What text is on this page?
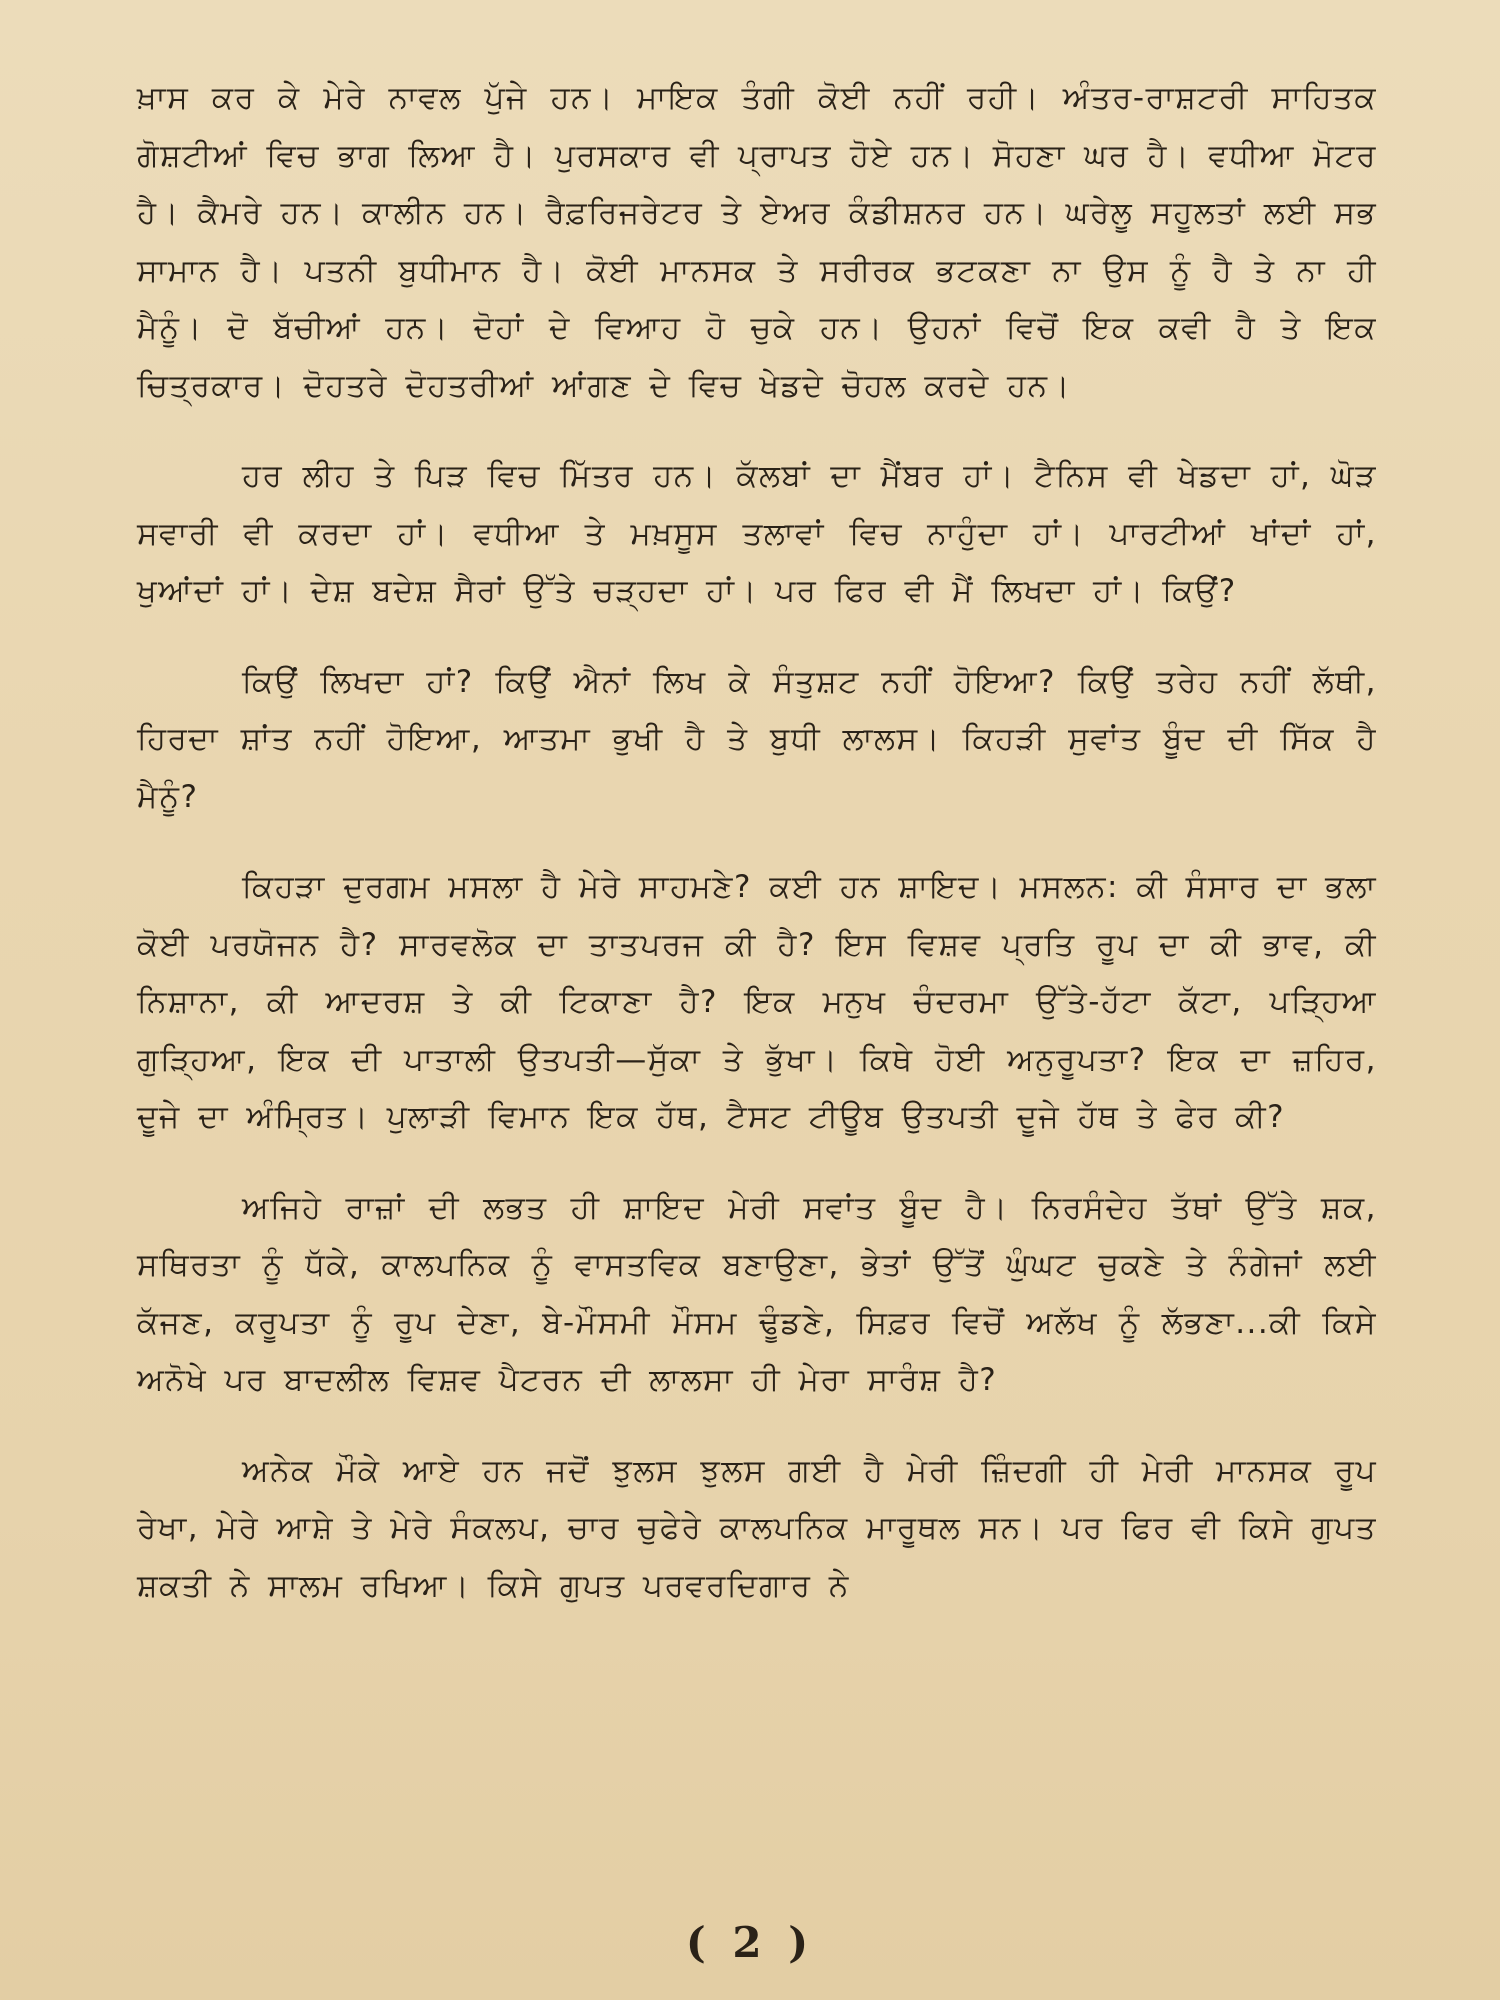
ਖ਼ਾਸ ਕਰ ਕੇ ਮੇਰੇ ਨਾਵਲ ਪੁੱਜੇ ਹਨ। ਮਾਇਕ ਤੰਗੀ ਕੋਈ ਨਹੀਂ ਰਹੀ। ਅੰਤਰ-ਰਾਸ਼ਟਰੀ ਸਾਹਿਤਕ ਗੋਸ਼ਟੀਆਂ ਵਿਚ ਭਾਗ ਲਿਆ ਹੈ। ਪੁਰਸਕਾਰ ਵੀ ਪ੍ਰਾਪਤ ਹੋਏ ਹਨ। ਸੋਹਣਾ ਘਰ ਹੈ। ਵਧੀਆ ਮੋਟਰ ਹੈ। ਕੈਮਰੇ ਹਨ। ਕਾਲੀਨ ਹਨ। ਰੈਫ਼ਰਿਜਰੇਟਰ ਤੇ ਏਅਰ ਕੰਡੀਸ਼ਨਰ ਹਨ। ਘਰੇਲੂ ਸਹੂਲਤਾਂ ਲਈ ਸਭ ਸਾਮਾਨ ਹੈ। ਪਤਨੀ ਬੁਧੀਮਾਨ ਹੈ। ਕੋਈ ਮਾਨਸਕ ਤੇ ਸਰੀਰਕ ਭਟਕਣਾ ਨਾ ਉਸ ਨੂੰ ਹੈ ਤੇ ਨਾ ਹੀ ਮੈਨੂੰ। ਦੋ ਬੱਚੀਆਂ ਹਨ। ਦੋਹਾਂ ਦੇ ਵਿਆਹ ਹੋ ਚੁਕੇ ਹਨ। ਉਹਨਾਂ ਵਿਚੋਂ ਇਕ ਕਵੀ ਹੈ ਤੇ ਇਕ ਚਿਤ੍ਰਕਾਰ। ਦੋਹਤਰੇ ਦੋਹਤਰੀਆਂ ਆਂਗਣ ਦੇ ਵਿਚ ਖੇਡਦੇ ਚੋਹਲ ਕਰਦੇ ਹਨ।

ਹਰ ਲੀਹ ਤੇ ਪਿੜ ਵਿਚ ਮਿੱਤਰ ਹਨ। ਕੱਲਬਾਂ ਦਾ ਮੈਂਬਰ ਹਾਂ। ਟੈਨਿਸ ਵੀ ਖੇਡਦਾ ਹਾਂ, ਘੋੜ ਸਵਾਰੀ ਵੀ ਕਰਦਾ ਹਾਂ। ਵਧੀਆ ਤੇ ਮਖ਼ਸੂਸ ਤਲਾਵਾਂ ਵਿਚ ਨਾਹੁੰਦਾ ਹਾਂ। ਪਾਰਟੀਆਂ ਖਾਂਦਾਂ ਹਾਂ, ਖੁਆਂਦਾਂ ਹਾਂ। ਦੇਸ਼ ਬਦੇਸ਼ ਸੈਰਾਂ ਉੱਤੇ ਚੜ੍ਹਦਾ ਹਾਂ। ਪਰ ਫਿਰ ਵੀ ਮੈਂ ਲਿਖਦਾ ਹਾਂ। ਕਿਉਂ?

ਕਿਉਂ ਲਿਖਦਾ ਹਾਂ? ਕਿਉਂ ਐਨਾਂ ਲਿਖ ਕੇ ਸੰਤੁਸ਼ਟ ਨਹੀਂ ਹੋਇਆ? ਕਿਉਂ ਤਰੇਹ ਨਹੀਂ ਲੱਥੀ, ਹਿਰਦਾ ਸ਼ਾਂਤ ਨਹੀਂ ਹੋਇਆ, ਆਤਮਾ ਭੁਖੀ ਹੈ ਤੇ ਬੁਧੀ ਲਾਲਸ। ਕਿਹੜੀ ਸੁਵਾਂਤ ਬੂੰਦ ਦੀ ਸਿੱਕ ਹੈ ਮੈਨੂੰ?

ਕਿਹੜਾ ਦੁਰਗਮ ਮਸਲਾ ਹੈ ਮੇਰੇ ਸਾਹਮਣੇ? ਕਈ ਹਨ ਸ਼ਾਇਦ। ਮਸਲਨ: ਕੀ ਸੰਸਾਰ ਦਾ ਭਲਾ ਕੋਈ ਪਰਯੋਜਨ ਹੈ? ਸਾਰਵਲੋਕ ਦਾ ਤਾਤਪਰਜ ਕੀ ਹੈ? ਇਸ ਵਿਸ਼ਵ ਪ੍ਰਤਿ ਰੂਪ ਦਾ ਕੀ ਭਾਵ, ਕੀ ਨਿਸ਼ਾਨਾ, ਕੀ ਆਦਰਸ਼ ਤੇ ਕੀ ਟਿਕਾਣਾ ਹੈ? ਇਕ ਮਨੁਖ ਚੰਦਰਮਾ ਉੱਤੇ-ਹੱਟਾ ਕੱਟਾ, ਪੜ੍ਹਿਆ ਗੁੜ੍ਹਿਆ, ਇਕ ਦੀ ਪਾਤਾਲੀ ਉਤਪਤੀ—ਸੁੱਕਾ ਤੇ ਭੁੱਖਾ। ਕਿਥੇ ਹੋਈ ਅਨੁਰੂਪਤਾ? ਇਕ ਦਾ ਜ਼ਹਿਰ, ਦੂਜੇ ਦਾ ਅੰਮ੍ਰਿਤ। ਪੁਲਾੜੀ ਵਿਮਾਨ ਇਕ ਹੱਥ, ਟੈਸਟ ਟੀਊਬ ਉਤਪਤੀ ਦੂਜੇ ਹੱਥ ਤੇ ਫੇਰ ਕੀ?

ਅਜਿਹੇ ਰਾਜ਼ਾਂ ਦੀ ਲਭਤ ਹੀ ਸ਼ਾਇਦ ਮੇਰੀ ਸਵਾਂਤ ਬੂੰਦ ਹੈ। ਨਿਰਸੰਦੇਹ ਤੱਥਾਂ ਉੱਤੇ ਸ਼ਕ, ਸਥਿਰਤਾ ਨੂੰ ਧੱਕੇ, ਕਾਲਪਨਿਕ ਨੂੰ ਵਾਸਤਵਿਕ ਬਣਾਉਣਾ, ਭੇਤਾਂ ਉੱਤੋਂ ਘੁੰਘਟ ਚੁਕਣੇ ਤੇ ਨੰਗੇਜਾਂ ਲਈ ਕੱਜਣ, ਕਰੂਪਤਾ ਨੂੰ ਰੂਪ ਦੇਣਾ, ਬੇ-ਮੌਸਮੀ ਮੌਸਮ ਢੂੰਡਣੇ, ਸਿਫ਼ਰ ਵਿਚੋਂ ਅਲੱਖ ਨੂੰ ਲੱਭਣਾ...ਕੀ ਕਿਸੇ ਅਨੋਖੇ ਪਰ ਬਾਦਲੀਲ ਵਿਸ਼ਵ ਪੈਟਰਨ ਦੀ ਲਾਲਸਾ ਹੀ ਮੇਰਾ ਸਾਰੰਸ਼ ਹੈ?

ਅਨੇਕ ਮੌਕੇ ਆਏ ਹਨ ਜਦੋਂ ਝੁਲਸ ਝੁਲਸ ਗਈ ਹੈ ਮੇਰੀ ਜ਼ਿੰਦਗੀ ਹੀ ਮੇਰੀ ਮਾਨਸਕ ਰੂਪ ਰੇਖਾ, ਮੇਰੇ ਆਸ਼ੇ ਤੇ ਮੇਰੇ ਸੰਕਲਪ, ਚਾਰ ਚੁਫੇਰੇ ਕਾਲਪਨਿਕ ਮਾਰੂਥਲ ਸਨ। ਪਰ ਫਿਰ ਵੀ ਕਿਸੇ ਗੁਪਤ ਸ਼ਕਤੀ ਨੇ ਸਾਲਮ ਰਖਿਆ। ਕਿਸੇ ਗੁਪਤ ਪਰਵਰਦਿਗਾਰ ਨੇ

( 2 )
